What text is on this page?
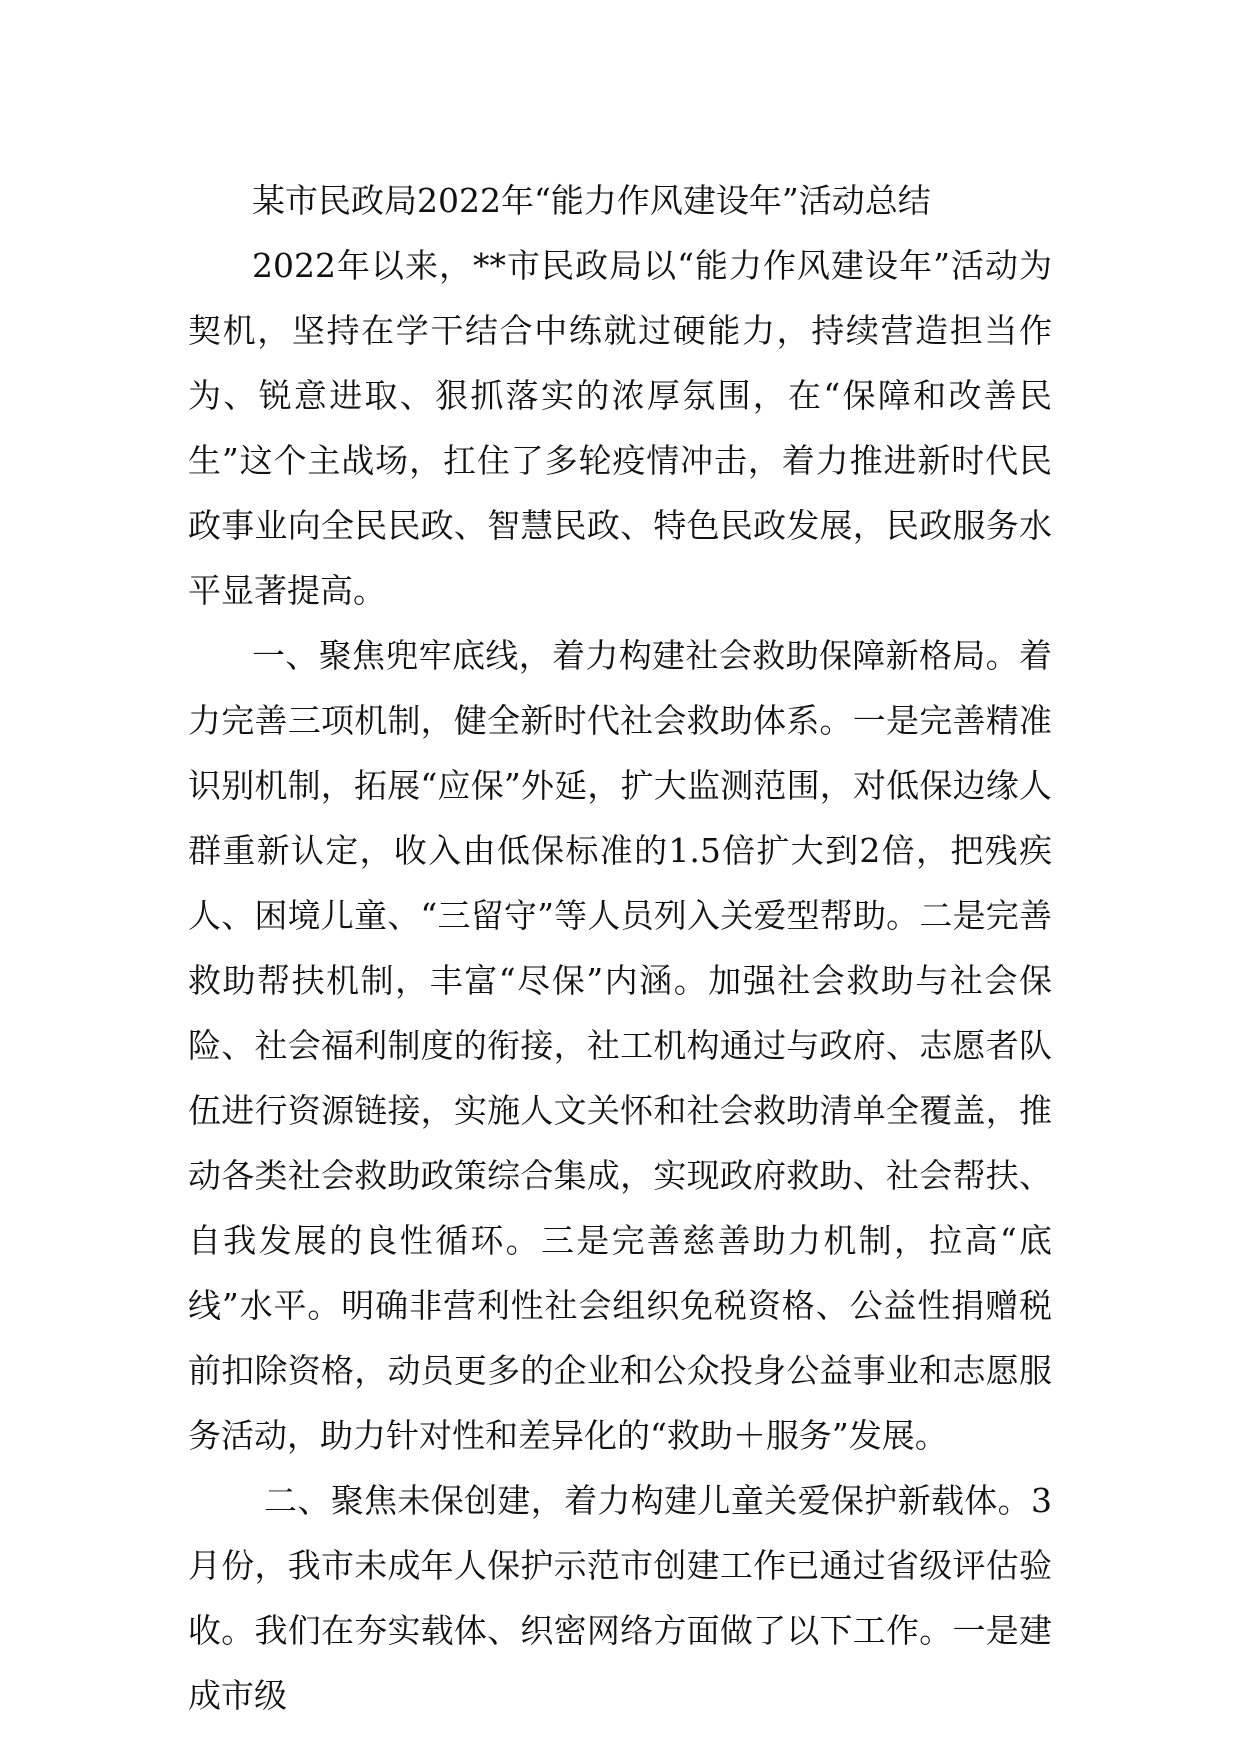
某市民政局2022年“能力作风建设年”活动总结

2022年以来，**市民政局以“能力作风建设年”活动为契机，坚持在学干结合中练就过硬能力，持续营造担当作为、锐意进取、狠抓落实的浓厚氛围，在“保障和改善民生”这个主战场，扛住了多轮疫情冲击，着力推进新时代民政事业向全民民政、智慧民政、特色民政发展，民政服务水平显著提高。

一、聚焦兜牢底线，着力构建社会救助保障新格局。着力完善三项机制，健全新时代社会救助体系。一是完善精准识别机制，拓展“应保”外延，扩大监测范围，对低保边缘人群重新认定，收入由低保标准的1.5倍扩大到2倍，把残疾人、困境儿童、“三留守”等人员列入关爱型帮助。二是完善救助帮扶机制，丰富“尽保”内涵。加强社会救助与社会保险、社会福利制度的衔接，社工机构通过与政府、志愿者队伍进行资源链接，实施人文关怀和社会救助清单全覆盖，推动各类社会救助政策综合集成，实现政府救助、社会帮扶、自我发展的良性循环。三是完善慈善助力机制，拉高“底线”水平。明确非营利性社会组织免税资格、公益性捐赠税前扣除资格，动员更多的企业和公众投身公益事业和志愿服务活动，助力针对性和差异化的“救助＋服务”发展。

二、聚焦未保创建，着力构建儿童关爱保护新载体。3月份，我市未成年人保护示范市创建工作已通过省级评估验收。我们在夯实载体、织密网络方面做了以下工作。一是建成市级
